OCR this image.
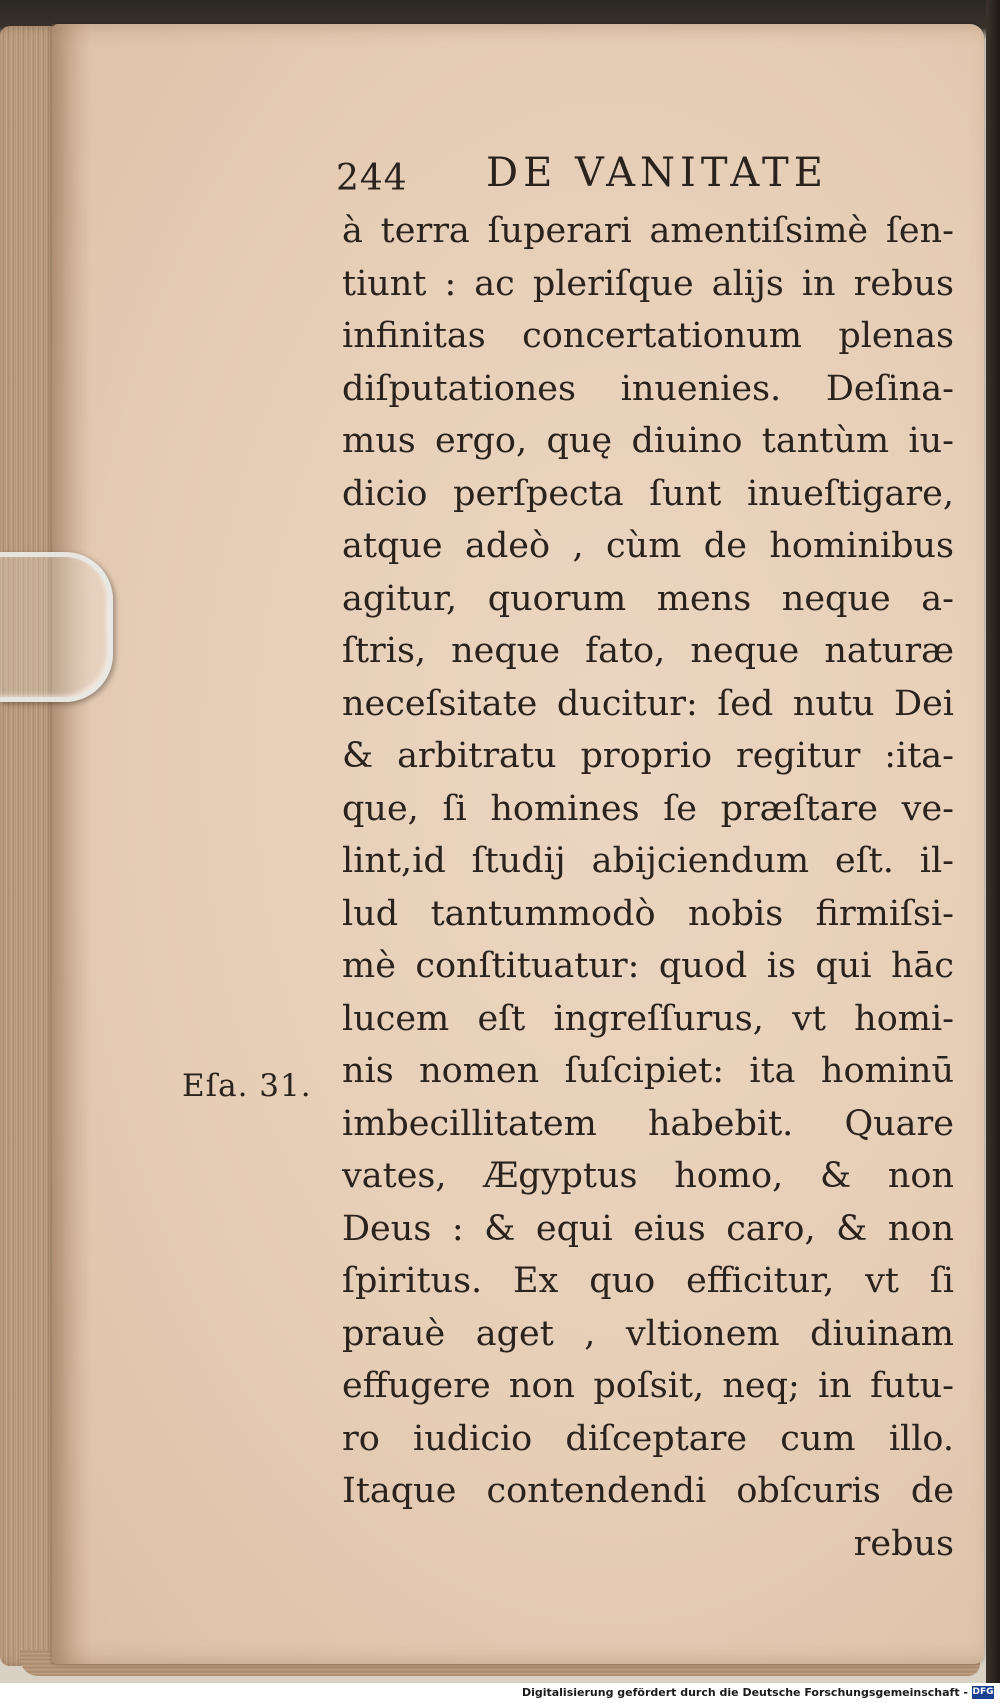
244 DE VANITATE
Eſa. 31.
à terra ſuperari amentiſsimè ſen-
tiunt : ac pleriſque alijs in rebus
infinitas concertationum plenas
diſputationes inuenies. Deſina-
mus ergo, quę diuino tantùm iu-
dicio perſpecta ſunt inueſtigare,
atque adeò , cùm de hominibus
agitur, quorum mens neque a-
ſtris, neque fato, neque naturæ
neceſsitate ducitur: ſed nutu Dei
& arbitratu proprio regitur :ita-
que, ſi homines ſe præſtare ve-
lint,id ſtudij abijciendum eſt. il-
lud tantummodò nobis firmiſsi-
mè conſtituatur: quod is qui hāc
lucem eſt ingreſſurus, vt homi-
nis nomen ſuſcipiet: ita hominū
imbecillitatem habebit. Quare
vates, Ægyptus homo, & non
Deus : & equi eius caro, & non
ſpiritus. Ex quo efficitur, vt ſi
prauè aget , vltionem diuinam
effugere non poſsit, neq; in futu-
ro iudicio diſceptare cum illo.
Itaque contendendi obſcuris de
rebus
Digitalisierung gefördert durch die Deutsche Forschungsgemeinschaft - DFG
